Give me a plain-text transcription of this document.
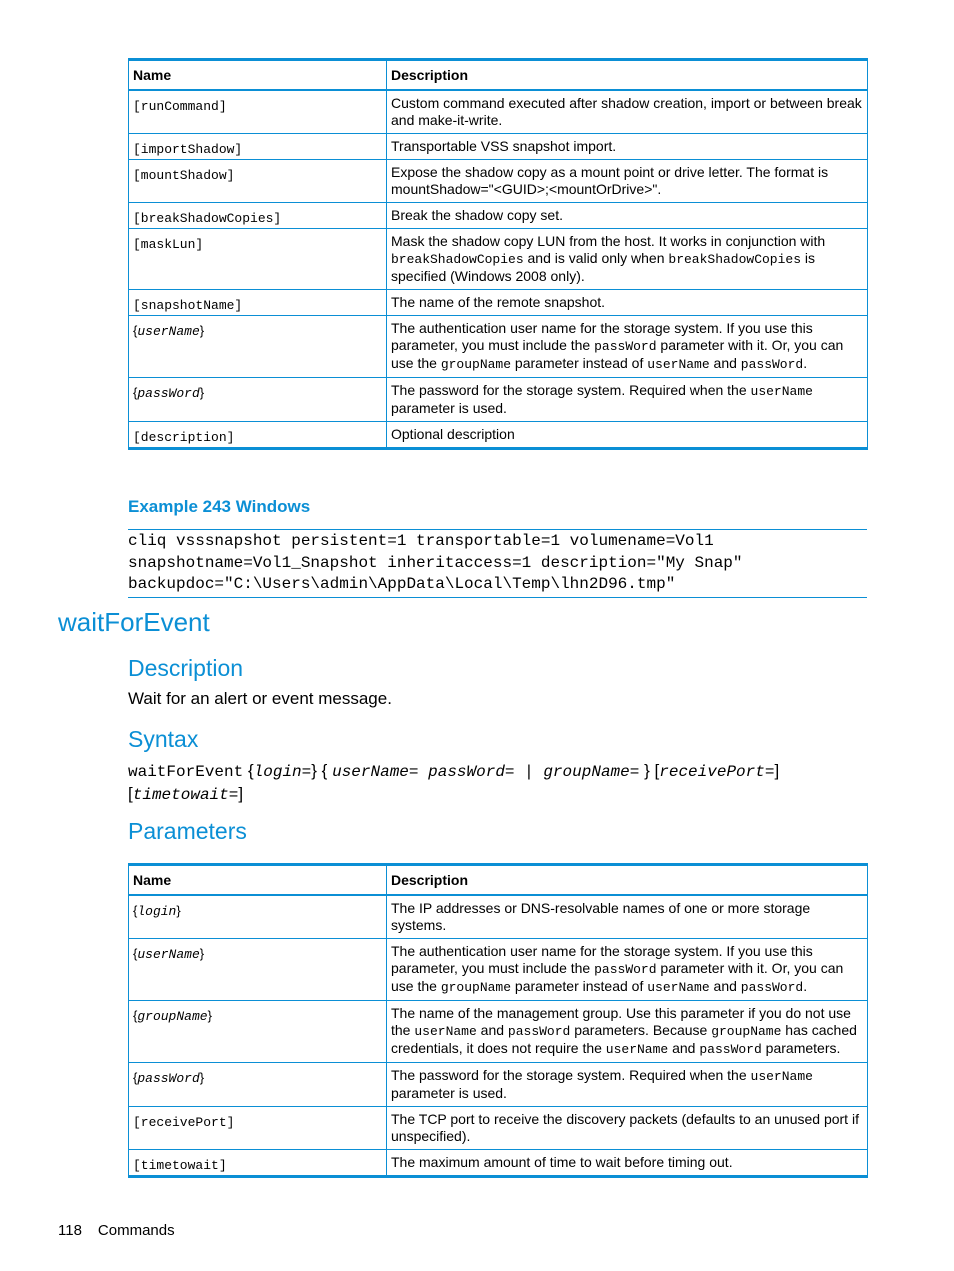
Name	Description
[runCommand]	Custom command executed after shadow creation, import or between break and make-it-write.
[importShadow]	Transportable VSS snapshot import.
[mountShadow]	Expose the shadow copy as a mount point or drive letter. The format is mountShadow="<GUID>;<mountOrDrive>".
[breakShadowCopies]	Break the shadow copy set.
[maskLun]	Mask the shadow copy LUN from the host. It works in conjunction with breakShadowCopies and is valid only when breakShadowCopies is specified (Windows 2008 only).
[snapshotName]	The name of the remote snapshot.
{userName}	The authentication user name for the storage system. If you use this parameter, you must include the passWord parameter with it. Or, you can use the groupName parameter instead of userName and passWord.
{passWord}	The password for the storage system. Required when the userName parameter is used.
[description]	Optional description

Example 243 Windows

cliq vsssnapshot persistent=1 transportable=1 volumename=Vol1
snapshotname=Vol1_Snapshot inheritaccess=1 description="My Snap"
backupdoc="C:\Users\admin\AppData\Local\Temp\lhn2D96.tmp"
waitForEvent
Description

Wait for an alert or event message.

Syntax

waitForEvent {login=} { userName= passWord= | groupName= } [receivePort=]
[timetowait=]

Parameters
Name	Description
{login}	The IP addresses or DNS-resolvable names of one or more storage systems.
{userName}	The authentication user name for the storage system. If you use this parameter, you must include the passWord parameter with it. Or, you can use the groupName parameter instead of userName and passWord.
{groupName}	The name of the management group. Use this parameter if you do not use the userName and passWord parameters. Because groupName has cached credentials, it does not require the userName and passWord parameters.
{passWord}	The password for the storage system. Required when the userName parameter is used.
[receivePort]	The TCP port to receive the discovery packets (defaults to an unused port if unspecified).
[timetowait]	The maximum amount of time to wait before timing out.
118 Commands
